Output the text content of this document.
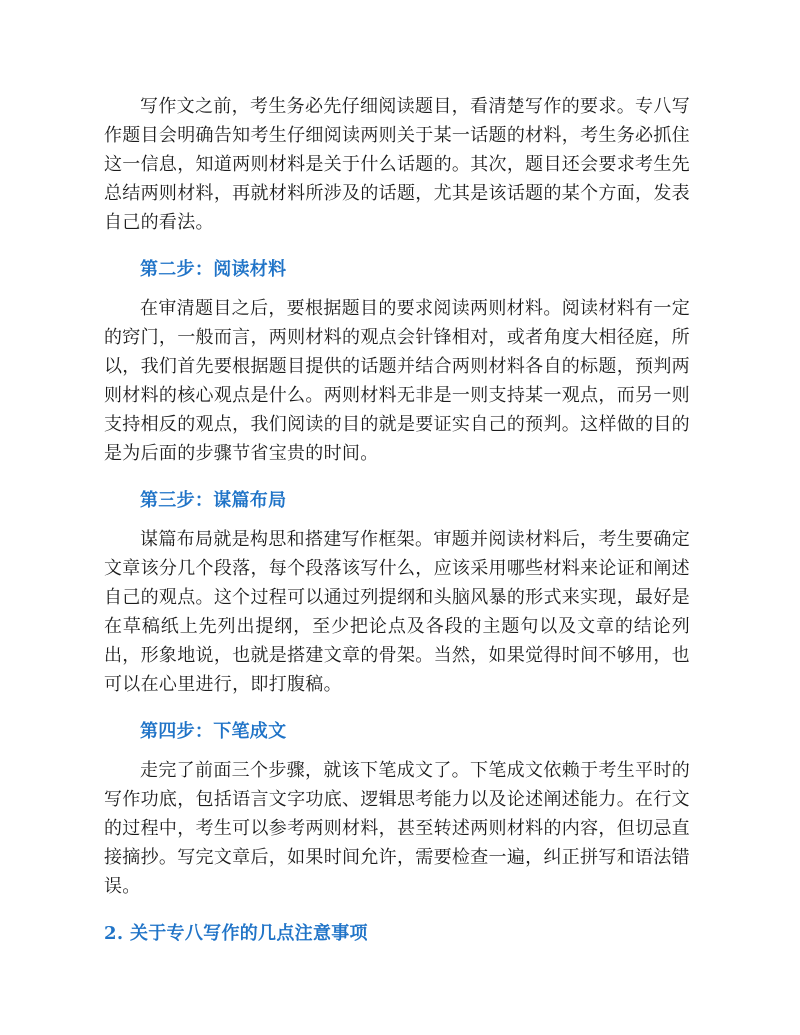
写作文之前，考生务必先仔细阅读题目，看清楚写作的要求。专八写作题目会明确告知考生仔细阅读两则关于某一话题的材料，考生务必抓住这一信息，知道两则材料是关于什么话题的。其次，题目还会要求考生先总结两则材料，再就材料所涉及的话题，尤其是该话题的某个方面，发表自己的看法。

第二步：阅读材料

在审清题目之后，要根据题目的要求阅读两则材料。阅读材料有一定的窍门，一般而言，两则材料的观点会针锋相对，或者角度大相径庭，所以，我们首先要根据题目提供的话题并结合两则材料各自的标题，预判两则材料的核心观点是什么。两则材料无非是一则支持某一观点，而另一则支持相反的观点，我们阅读的目的就是要证实自己的预判。这样做的目的是为后面的步骤节省宝贵的时间。

第三步：谋篇布局

谋篇布局就是构思和搭建写作框架。审题并阅读材料后，考生要确定文章该分几个段落，每个段落该写什么，应该采用哪些材料来论证和阐述自己的观点。这个过程可以通过列提纲和头脑风暴的形式来实现，最好是在草稿纸上先列出提纲，至少把论点及各段的主题句以及文章的结论列出，形象地说，也就是搭建文章的骨架。当然，如果觉得时间不够用，也可以在心里进行，即打腹稿。

第四步：下笔成文

走完了前面三个步骤，就该下笔成文了。下笔成文依赖于考生平时的写作功底，包括语言文字功底、逻辑思考能力以及论述阐述能力。在行文的过程中，考生可以参考两则材料，甚至转述两则材料的内容，但切忌直接摘抄。写完文章后，如果时间允许，需要检查一遍，纠正拼写和语法错误。

2. 关于专八写作的几点注意事项
